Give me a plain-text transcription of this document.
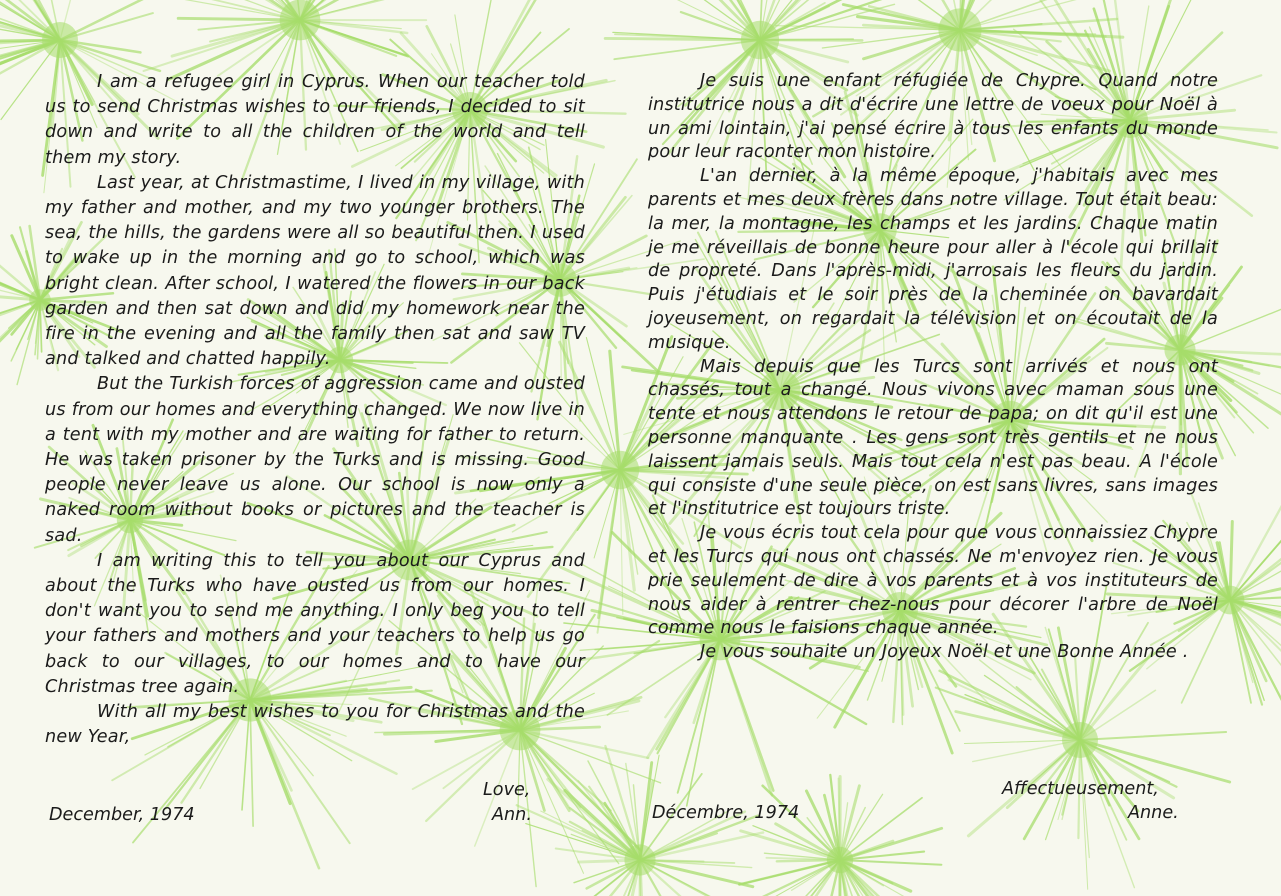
I am a refugee girl in Cyprus. When our teacher told us to send Christmas wishes to our friends, I decided to sit down and write to all the children of the world and tell them my story.

Last year, at Christmastime, I lived in my village, with my father and mother, and my two younger brothers. The sea, the hills, the gardens were all so beautiful then. I used to wake up in the morning and go to school, which was bright clean. After school, I watered the flowers in our back garden and then sat down and did my homework near the fire in the evening and all the family then sat and saw TV and talked and chatted happily.

But the Turkish forces of aggression came and ousted us from our homes and everything changed. We now live in a tent with my mother and are waiting for father to return. He was taken prisoner by the Turks and is missing. Good people never leave us alone. Our school is now only a naked room without books or pictures and the teacher is sad.

I am writing this to tell you about our Cyprus and about the Turks who have ousted us from our homes. I don't want you to send me anything. I only beg you to tell your fathers and mothers and your teachers to help us go back to our villages, to our homes and to have our Christmas tree again.

With all my best wishes to you for Christmas and the new Year,

Love,
Ann.
December, 1974

Je suis une enfant réfugiée de Chypre. Quand notre institutrice nous a dit d'écrire une lettre de voeux pour Noël à un ami lointain, j'ai pensé écrire à tous les enfants du monde pour leur raconter mon histoire.

L'an dernier, à la même époque, j'habitais avec mes parents et mes deux frères dans notre village. Tout était beau: la mer, la montagne, les champs et les jardins. Chaque matin je me réveillais de bonne heure pour aller à l'école qui brillait de propreté. Dans l'après-midi, j'arrosais les fleurs du jardin. Puis j'étudiais et le soir près de la cheminée on bavardait joyeusement, on regardait la télévision et on écoutait de la musique.

Mais depuis que les Turcs sont arrivés et nous ont chassés, tout a changé. Nous vivons avec maman sous une tente et nous attendons le retour de papa; on dit qu'il est une personne manquante . Les gens sont très gentils et ne nous laissent jamais seuls. Mais tout cela n'est pas beau. A l'école qui consiste d'une seule pièce, on est sans livres, sans images et l'institutrice est toujours triste.

Je vous écris tout cela pour que vous connaissiez Chypre et les Turcs qui nous ont chassés. Ne m'envoyez rien. Je vous prie seulement de dire à vos parents et à vos instituteurs de nous aider à rentrer chez-nous pour décorer l'arbre de Noël comme nous le faisions chaque année.

Je vous souhaite un Joyeux Noël et une Bonne Année .

Affectueusement,
Anne.
Décembre, 1974
